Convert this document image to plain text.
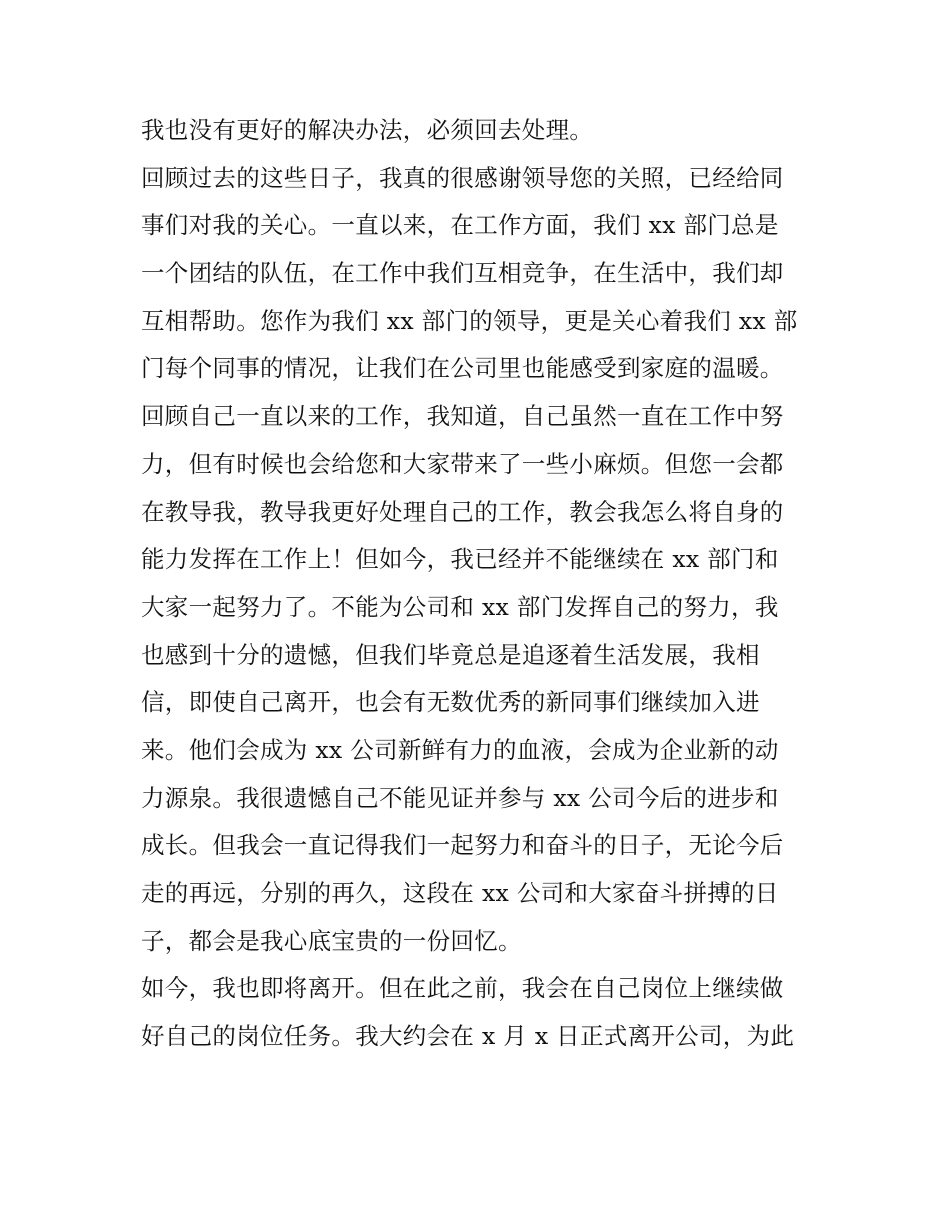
我也没有更好的解决办法，必须回去处理。
回顾过去的这些日子，我真的很感谢领导您的关照，已经给同
事们对我的关心。一直以来，在工作方面，我们 xx 部门总是
一个团结的队伍，在工作中我们互相竞争，在生活中，我们却
互相帮助。您作为我们 xx 部门的领导，更是关心着我们 xx 部
门每个同事的情况，让我们在公司里也能感受到家庭的温暖。
回顾自己一直以来的工作，我知道，自己虽然一直在工作中努
力，但有时候也会给您和大家带来了一些小麻烦。但您一会都
在教导我，教导我更好处理自己的工作，教会我怎么将自身的
能力发挥在工作上！但如今，我已经并不能继续在 xx 部门和
大家一起努力了。不能为公司和 xx 部门发挥自己的努力，我
也感到十分的遗憾，但我们毕竟总是追逐着生活发展，我相
信，即使自己离开，也会有无数优秀的新同事们继续加入进
来。他们会成为 xx 公司新鲜有力的血液，会成为企业新的动
力源泉。我很遗憾自己不能见证并参与 xx 公司今后的进步和
成长。但我会一直记得我们一起努力和奋斗的日子，无论今后
走的再远，分别的再久，这段在 xx 公司和大家奋斗拼搏的日
子，都会是我心底宝贵的一份回忆。
如今，我也即将离开。但在此之前，我会在自己岗位上继续做
好自己的岗位任务。我大约会在 x 月 x 日正式离开公司，为此
